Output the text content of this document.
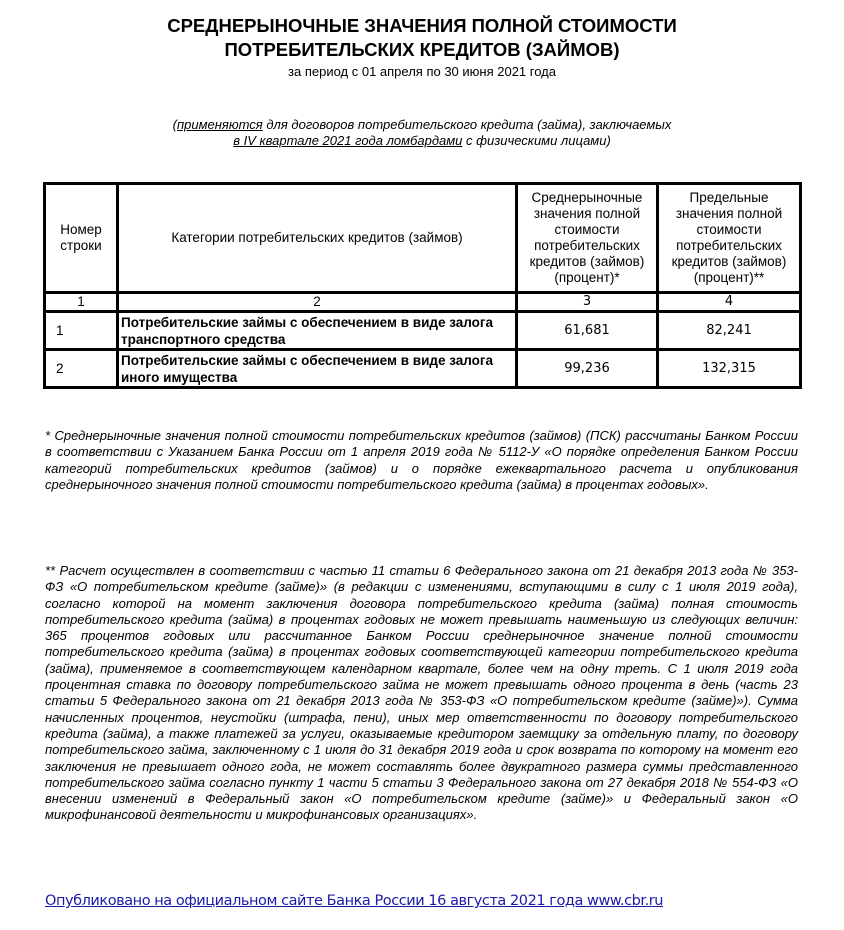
СРЕДНЕРЫНОЧНЫЕ ЗНАЧЕНИЯ ПОЛНОЙ СТОИМОСТИ
ПОТРЕБИТЕЛЬСКИХ КРЕДИТОВ (ЗАЙМОВ)
за период с 01 апреля по 30 июня 2021 года
(применяются для договоров потребительского кредита (займа), заключаемых
в IV квартале 2021 года ломбардами с физическими лицами)
Номер строки	Категории потребительских кредитов (займов)	Среднерыночные значения полной стоимости потребительских кредитов (займов) (процент)*	Предельные значения полной стоимости потребительских кредитов (займов) (процент)**
1	2	3	4
1	Потребительские займы с обеспечением в виде залога транспортного средства	61,681	82,241
2	Потребительские займы с обеспечением в виде залога иного имущества	99,236	132,315
* Среднерыночные значения полной стоимости потребительских кредитов (займов) (ПСК) рассчитаны Банком России в соответствии с Указанием Банка России от 1 апреля 2019 года № 5112-У «О порядке определения Банком России категорий потребительских кредитов (займов) и о порядке ежеквартального расчета и опубликования среднерыночного значения полной стоимости потребительского кредита (займа) в процентах годовых».
** Расчет осуществлен в соответствии с частью 11 статьи 6 Федерального закона от 21 декабря 2013 года № 353-ФЗ «О потребительском кредите (займе)» (в редакции с изменениями, вступающими в силу с 1 июля 2019 года), согласно которой на момент заключения договора потребительского кредита (займа) полная стоимость потребительского кредита (займа) в процентах годовых не может превышать наименьшую из следующих величин: 365 процентов годовых или рассчитанное Банком России среднерыночное значение полной стоимости потребительского кредита (займа) в процентах годовых соответствующей категории потребительского кредита (займа), применяемое в соответствующем календарном квартале, более чем на одну треть. С 1 июля 2019 года процентная ставка по договору потребительского займа не может превышать одного процента в день (часть 23 статьи 5 Федерального закона от 21 декабря 2013 года № 353-ФЗ «О потребительском кредите (займе)»). Сумма начисленных процентов, неустойки (штрафа, пени), иных мер ответственности по договору потребительского кредита (займа), а также платежей за услуги, оказываемые кредитором заемщику за отдельную плату, по договору потребительского займа, заключенному с 1 июля до 31 декабря 2019 года и срок возврата по которому на момент его заключения не превышает одного года, не может составлять более двукратного размера суммы представленного потребительского займа согласно пункту 1 части 5 статьи 3 Федерального закона от 27 декабря 2018 № 554-ФЗ «О внесении изменений в Федеральный закон «О потребительском кредите (займе)» и Федеральный закон «О микрофинансовой деятельности и микрофинансовых организациях».
Опубликовано на официальном сайте Банка России 16 августа 2021 года www.cbr.ru
